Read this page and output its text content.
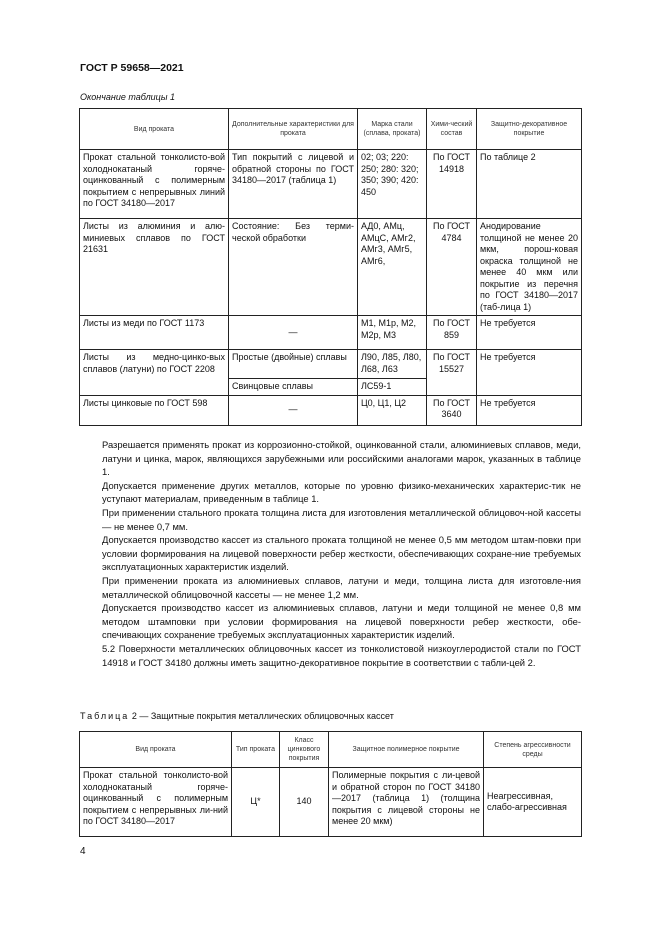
ГОСТ Р 59658—2021
Окончание таблицы 1
Вид проката	Дополнительные характеристики для проката	Марка стали (сплава, проката)	Хими-ческий состав	Защитно-декоративное покрытие
Прокат стальной тонколисто-вой холоднокатаный горяче-оцинкованный с полимерным покрытием с непрерывных линий по ГОСТ 34180—2017	Тип покрытий с лицевой и обратной стороны по ГОСТ 34180—2017 (таблица 1)	02; 03; 220: 250; 280: 320; 350; 390; 420: 450	По ГОСТ 14918	По таблице 2
Листы из алюминия и алю-миниевых сплавов по ГОСТ 21631	Состояние: Без терми-ческой обработки	АД0, АМц, АМцС, АМг2, АМг3, АМг5, АМг6,	По ГОСТ 4784	Анодирование толщиной не менее 20 мкм, порош-ковая окраска толщиной не менее 40 мкм или покрытие из перечня по ГОСТ 34180—2017 (таб-лица 1)
Листы из меди по ГОСТ 1173	—	М1, М1р, М2, М2р, М3	По ГОСТ 859	Не требуется
Листы из медно-цинко-вых сплавов (латуни) по ГОСТ 2208	Простые (двойные) сплавы	Л90, Л85, Л80, Л68, Л63	По ГОСТ 15527	Не требуется
	Свинцовые сплавы	ЛС59-1		
Листы цинковые по ГОСТ 598	—	Ц0, Ц1, Ц2	По ГОСТ 3640	Не требуется
Разрешается применять прокат из коррозионно-стойкой, оцинкованной стали, алюминиевых сплавов, меди, латуни и цинка, марок, являющихся зарубежными или российскими аналогами марок, указанных в таблице 1.
Допускается применение других металлов, которые по уровню физико-механических характерис-тик не уступают материалам, приведенным в таблице 1.
При применении стального проката толщина листа для изготовления металлической облицовоч-ной кассеты — не менее 0,7 мм.
Допускается производство кассет из стального проката толщиной не менее 0,5 мм методом штам-повки при условии формирования на лицевой поверхности ребер жесткости, обеспечивающих сохране-ние требуемых эксплуатационных характеристик изделий.
При применении проката из алюминиевых сплавов, латуни и меди, толщина листа для изготовле-ния металлической облицовочной кассеты — не менее 1,2 мм.
Допускается производство кассет из алюминиевых сплавов, латуни и меди толщиной не менее 0,8 мм методом штамповки при условии формирования на лицевой поверхности ребер жесткости, обе-спечивающих сохранение требуемых эксплуатационных характеристик изделий.
5.2 Поверхности металлических облицовочных кассет из тонколистовой низкоуглеродистой стали по ГОСТ 14918 и ГОСТ 34180 должны иметь защитно-декоративное покрытие в соответствии с табли-цей 2.
Таблица 2 — Защитные покрытия металлических облицовочных кассет
Вид проката	Тип проката	Класс цинкового покрытия	Защитное полимерное покрытие	Степень агрессивности среды
Прокат стальной тонколисто-вой холоднокатаный горяче-оцинкованный с полимерным покрытием с непрерывных ли-ний по ГОСТ 34180—2017	Ц*	140	Полимерные покрытия с ли-цевой и обратной сторон по ГОСТ 34180—2017 (таблица 1) (толщина покрытия с лицевой стороны не менее 20 мкм)	Неагрессивная, слабо-агрессивная
4
